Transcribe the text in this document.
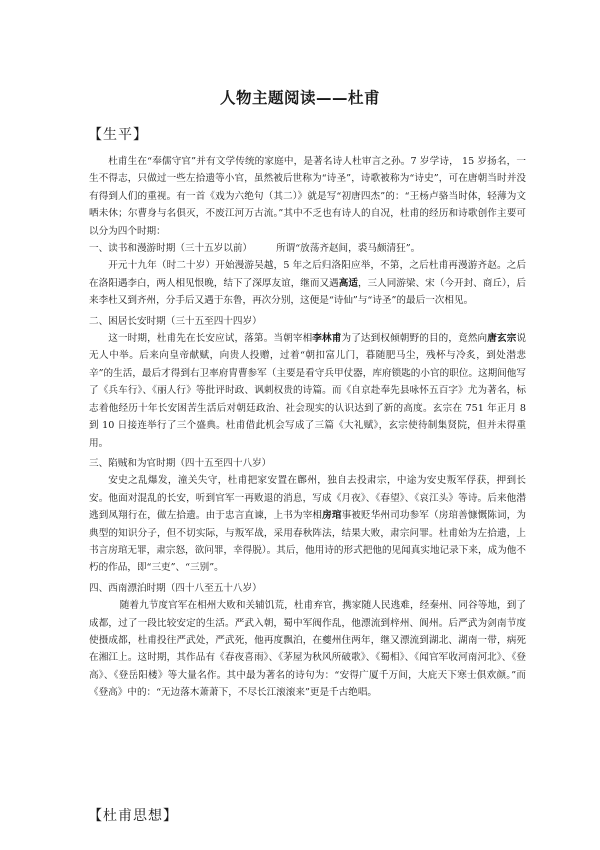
人物主题阅读——杜甫
【生平】

杜甫生在“奉儒守官”并有文学传统的家庭中，是著名诗人杜审言之孙。7 岁学诗， 15 岁扬名，一生不得志，只做过一些左拾遗等小官，虽然被后世称为“诗圣”，诗歌被称为“诗史”，可在唐朝当时并没有得到人们的重视。有一首《戏为六绝句（其二）》就是写“初唐四杰”的：“王杨卢骆当时体，轻薄为文哂未休；尔曹身与名俱灭，不废江河万古流。”其中不乏也有诗人的自况，杜甫的经历和诗歌创作主要可以分为四个时期：

一、读书和漫游时期（三十五岁以前）	所谓“放荡齐赵间，裘马颇清狂”。

开元十九年（时二十岁）开始漫游吴越，5 年之后归洛阳应举，不第，之后杜甫再漫游齐赵。之后在洛阳遇李白，两人相见恨晚，结下了深厚友谊，继而又遇高适，三人同游梁、宋（今开封、商丘），后来李杜又到齐州，分手后又遇于东鲁，再次分别，这便是“诗仙”与“诗圣”的最后一次相见。

二、困居长安时期（三十五至四十四岁）

这一时期，杜甫先在长安应试，落第。当朝宰相李林甫为了达到权倾朝野的目的，竟然向唐玄宗说无人中举。后来向皇帝献赋，向贵人投赠，过着“朝扣富儿门，暮随肥马尘，残杯与冷炙，到处潜悲辛”的生活，最后才得到右卫率府胄曹参军（主要是看守兵甲仗器，库府锁匙的小官的职位。这期间他写了《兵车行》、《丽人行》等批评时政、讽刺权贵的诗篇。而《自京赴奉先县咏怀五百字》尤为著名，标志着他经历十年长安困苦生活后对朝廷政治、社会现实的认识达到了新的高度。玄宗在 751 年正月 8 到 10 日接连举行了三个盛典。杜甫借此机会写成了三篇《大礼赋》，玄宗使待制集贤院，但并未得重用。

三、陷贼和为官时期（四十五至四十八岁）

安史之乱爆发，潼关失守，杜甫把家安置在鄜州，独自去投肃宗，中途为安史叛军俘获，押到长安。他面对混乱的长安，听到官军一再败退的消息，写成《月夜》、《春望》、《哀江头》等诗。后来他潜逃到凤翔行在，做左拾遗。由于忠言直谏，上书为宰相房琯事被贬华州司功参军（房琯善慷慨陈词，为典型的知识分子，但不切实际，与叛军战，采用春秋阵法，结果大败，肃宗问罪。杜甫始为左拾遗，上书言房琯无罪，肃宗怒，欲问罪，幸得脱）。其后，他用诗的形式把他的见闻真实地记录下来，成为他不朽的作品，即“三吏”、“三别”。

四、西南漂泊时期（四十八至五十八岁）

随着九节度官军在相州大败和关辅饥荒，杜甫弃官，携家随人民逃难，经秦州、同谷等地，到了成都，过了一段比较安定的生活。严武入朝，蜀中军阀作乱，他漂流到梓州、阆州。后严武为剑南节度使摄成都，杜甫投往严武处，严武死，他再度飘泊，在夔州住两年，继又漂流到湖北、湖南一带，病死在湘江上。这时期，其作品有《春夜喜雨》、《茅屋为秋风所破歌》、《蜀相》、《闻官军收河南河北》、《登高》、《登岳阳楼》等大量名作。其中最为著名的诗句为：“安得广厦千万间，大庇天下寒士俱欢颜。”而《登高》中的：“无边落木萧萧下，不尽长江滚滚来”更是千古绝唱。

【杜甫思想】
